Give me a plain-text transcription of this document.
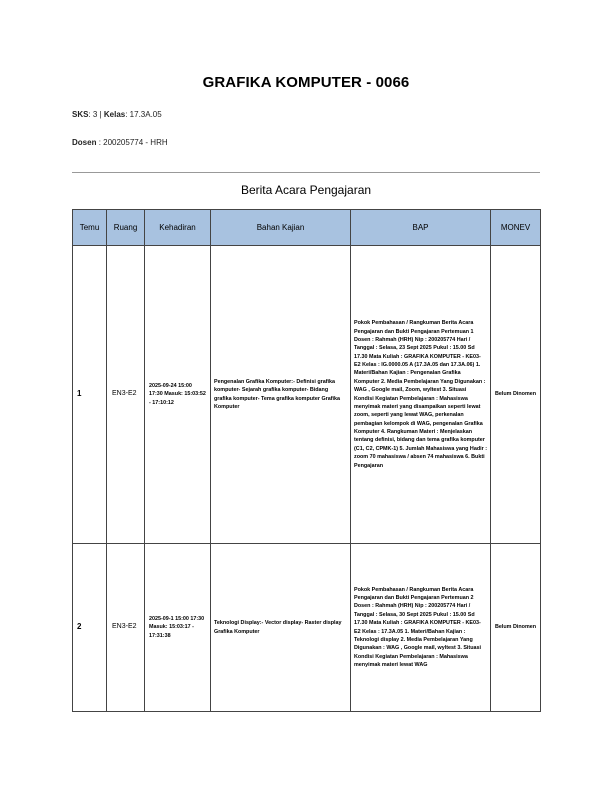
GRAFIKA KOMPUTER - 0066
SKS: 3 | Kelas: 17.3A.05
Dosen : 200205774 - HRH
Berita Acara Pengajaran
Temu	Ruang	Kehadiran	Bahan Kajian	BAP	MONEV
1	EN3-E2	2025-09-24 15:00 17:30 Masuk: 15:03:52 - 17:10:12	Pengenalan Grafika Komputer:- Definisi grafika komputer- Sejarah grafika komputer- Bidang grafika komputer- Tema grafika komputer Grafika Komputer	Pokok Pembahasan / Rangkuman Berita Acara Pengajaran dan Bukti Pengajaran Pertemuan 1 Dosen : Rahmah (HRH) Nip : 200205774 Hari / Tanggal : Selasa, 23 Sept 2025 Pukul : 15.00 Sd 17.30 Mata Kuliah : GRAFIKA KOMPUTER - KE03-E2 Kelas : IG.0000.05 A (17.3A.05 dan 17.3A.06) 1. Materi/Bahan Kajian : Pengenalan Grafika Komputer 2. Media Pembelajaran Yang Digunakan : WAG , Google mail, Zoom, wyltest 3. Situasi Kondisi Kegiatan Pembelajaran : Mahasiswa menyimak materi yang disampaikan seperti lewat zoom, seperti yang lewat WAG, perkenalan pembagian kelompok di WAG, pengenalan Grafika Komputer 4. Rangkuman Materi : Menjelaskan tentang definisi, bidang dan tema grafika komputer (C1, C2, CPMK-1) 5. Jumlah Mahasiswa yang Hadir : zoom 70 mahasiswa / absen 74 mahasiswa 6. Bukti Pengajaran	Belum Dinomen
2	EN3-E2	2025-09-1 15:00 17:30 Masuk: 15:03:17 - 17:31:38	Teknologi Display:- Vector display- Raster display Grafika Komputer	Pokok Pembahasan / Rangkuman Berita Acara Pengajaran dan Bukti Pengajaran Pertemuan 2 Dosen : Rahmah (HRH) Nip : 200205774 Hari / Tanggal : Selasa, 30 Sept 2025 Pukul : 15.00 Sd 17.30 Mata Kuliah : GRAFIKA KOMPUTER - KE03-E2 Kelas : 17.3A.05 1. Materi/Bahan Kajian : Teknologi display 2. Media Pembelajaran Yang Digunakan : WAG , Google mail, wyltest 3. Situasi Kondisi Kegiatan Pembelajaran : Mahasiswa menyimak materi lewat WAG	Belum Dinomen
